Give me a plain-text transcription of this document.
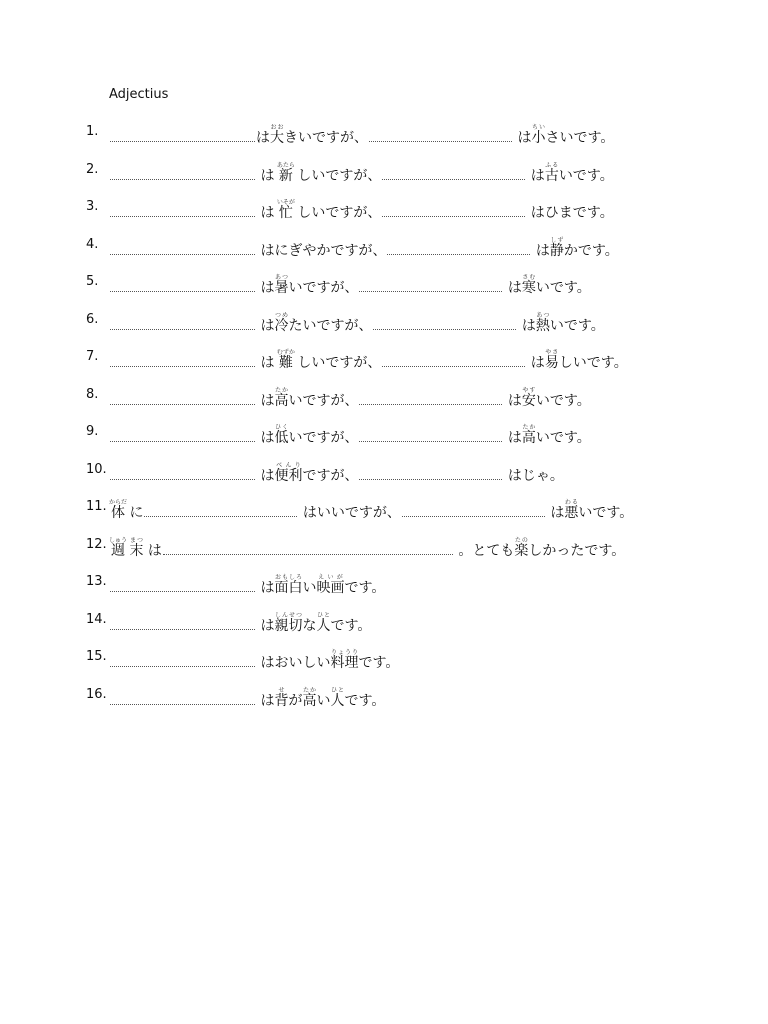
Adjectius
1.	は大おおきいですが、	は小ちいさいです。
2.	は 新あたら しいですが、	は古ふるいです。
3.	は 忙いそが しいですが、	はひまです。
4.	はにぎやかですが、	は静しずかです。
5.	は暑あついですが、	は寒さむいです。
6.	は冷つめたいですが、	は熱あついです。
7.	は 難むずか しいですが、	は易やさしいです。
8.	は高たかいですが、	は安やすいです。
9.	は低ひくいですが、	は高たかいです。
10.	は便利べんりですが、	はじゃ。
11. 体からだ に	はいいですが、	は悪わるいです。
12. 週しゅう 末まつ は	。とても楽たのしかったです。
13.	は面白おもしろい映画えいがです。
14.	は親切しんせつな人ひとです。
15.	はおいしい料理りょうりです。
16.	は背せが高たかい人ひとです。
